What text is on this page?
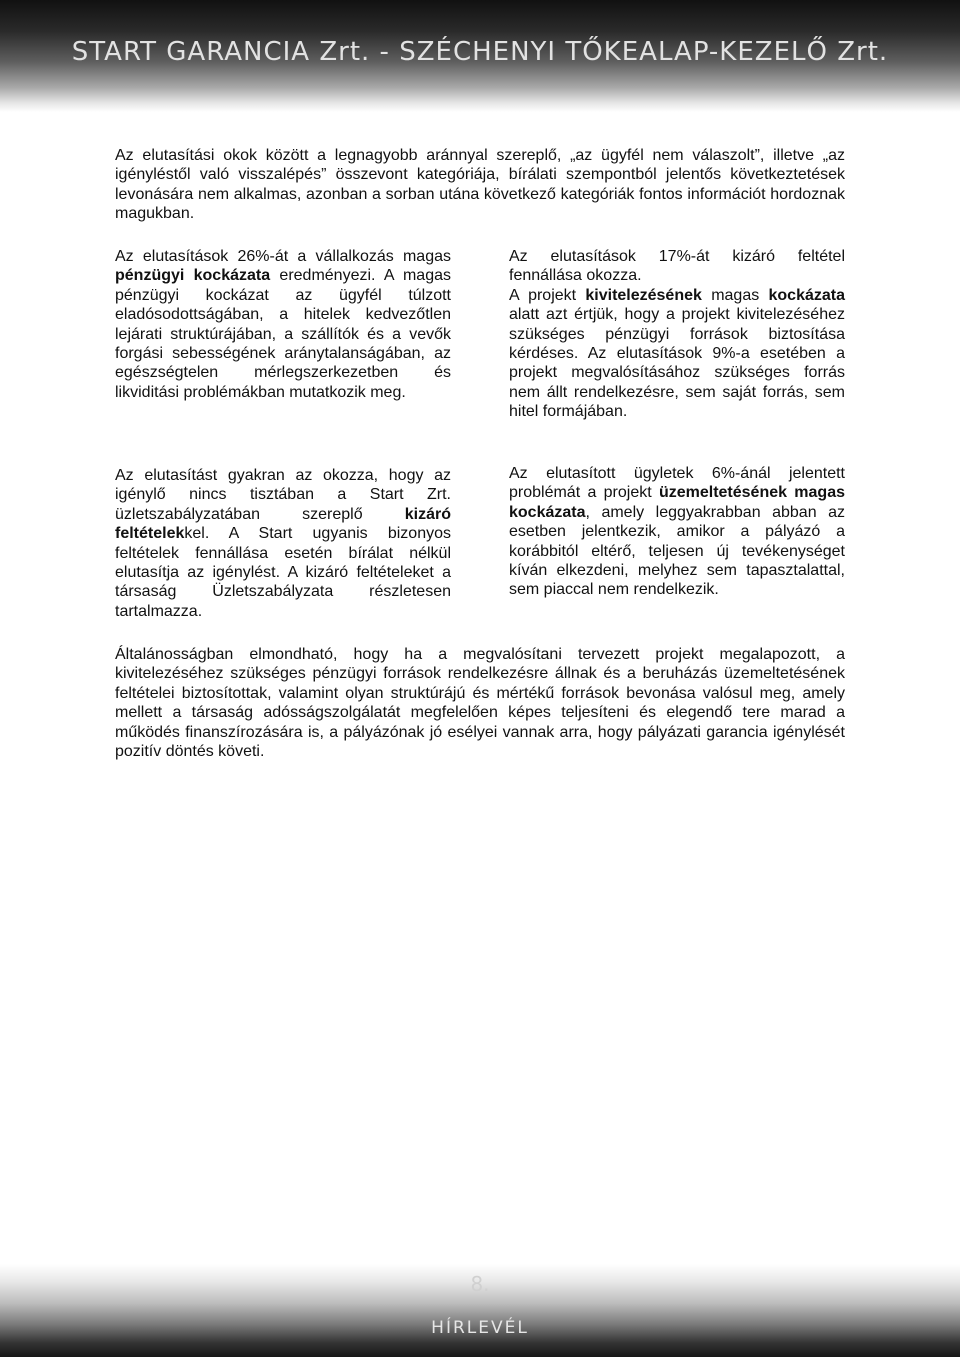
START GARANCIA Zrt. - SZÉCHENYI TŐKEALAP-KEZELŐ Zrt.

Az elutasítási okok között a legnagyobb aránnyal szereplő, „az ügyfél nem válaszolt”, illetve „az igényléstől való visszalépés” összevont kategóriája, bírálati szempontból jelentős következtetések levonására nem alkalmas, azonban a sorban utána következő kategóriák fontos információt hordoznak magukban.

Az elutasítások 26%-át a vállalkozás magas pénzügyi kockázata eredményezi. A magas pénzügyi kockázat az ügyfél túlzott eladósodottságában, a hitelek kedvezőtlen lejárati struktúrájában, a szállítók és a vevők forgási sebességének aránytalanságában, az egészségtelen mérlegszerkezetben és likviditási problémákban mutatkozik meg.

Az elutasítást gyakran az okozza, hogy az igénylő nincs tisztában a Start Zrt. üzletszabályzatában szereplő kizáró feltételekkel. A Start ugyanis bizonyos feltételek fennállása esetén bírálat nélkül elutasítja az igénylést. A kizáró feltételeket a társaság Üzletszabályzata részletesen tartalmazza.

Az elutasítások 17%-át kizáró feltétel fennállása okozza.
A projekt kivitelezésének magas kockázata alatt azt értjük, hogy a projekt kivitelezéséhez szükséges pénzügyi források biztosítása kérdéses. Az elutasítások 9%-a esetében a projekt megvalósításához szükséges forrás nem állt rendelkezésre, sem saját forrás, sem hitel formájában.

Az elutasított ügyletek 6%-ánál jelentett problémát a projekt üzemeltetésének magas kockázata, amely leggyakrabban abban az esetben jelentkezik, amikor a pályázó a korábbitól eltérő, teljesen új tevékenységet kíván elkezdeni, melyhez sem tapasztalattal, sem piaccal nem rendelkezik.

Általánosságban elmondható, hogy ha a megvalósítani tervezett projekt megalapozott, a kivitelezéséhez szükséges pénzügyi források rendelkezésre állnak és a beruházás üzemeltetésének feltételei biztosítottak, valamint olyan struktúrájú és mértékű források bevonása valósul meg, amely mellett a társaság adósságszolgálatát megfelelően képes teljesíteni és elegendő tere marad a működés finanszírozására is, a pályázónak jó esélyei vannak arra, hogy pályázati garancia igénylését pozitív döntés követi.

8.
HÍRLEVÉL
